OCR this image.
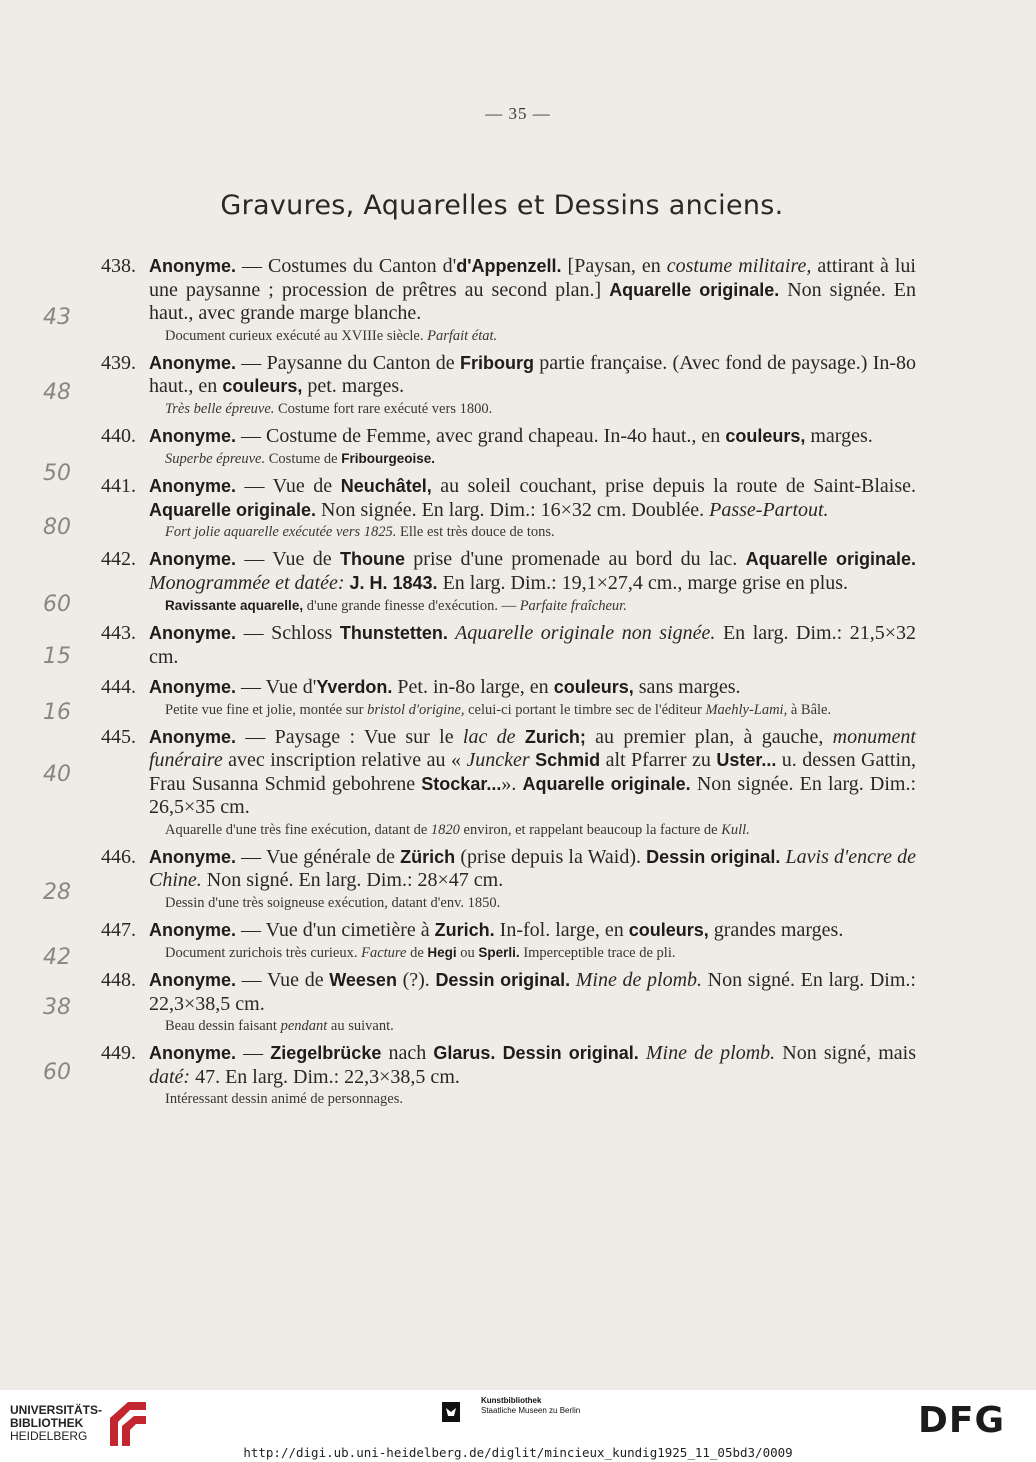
— 35 —
Gravures, Aquarelles et Dessins anciens.
43
438. Anonyme. — Costumes du Canton d'd'Appenzell. [Paysan, en costume militaire, attirant à lui une paysanne ; procession de prêtres au second plan.] Aquarelle originale. Non signée. En haut., avec grande marge blanche.
Document curieux exécuté au XVIIIe siècle. Parfait état.
48
439. Anonyme. — Paysanne du Canton de Fribourg partie française. (Avec fond de paysage.) In-8o haut., en couleurs, pet. marges.
Très belle épreuve. Costume fort rare exécuté vers 1800.
50
440. Anonyme. — Costume de Femme, avec grand chapeau. In-4o haut., en couleurs, marges.
Superbe épreuve. Costume de Fribourgeoise.
80
441. Anonyme. — Vue de Neuchâtel, au soleil couchant, prise depuis la route de Saint-Blaise. Aquarelle originale. Non signée. En larg. Dim.: 16×32 cm. Doublée. Passe-Partout.
Fort jolie aquarelle exécutée vers 1825. Elle est très douce de tons.
60
442. Anonyme. — Vue de Thoune prise d'une promenade au bord du lac. Aquarelle originale. Monogrammée et datée: J. H. 1843. En larg. Dim.: 19,1×27,4 cm., marge grise en plus.
Ravissante aquarelle, d'une grande finesse d'exécution. — Parfaite fraîcheur.
15
443. Anonyme. — Schloss Thunstetten. Aquarelle originale non signée. En larg. Dim.: 21,5×32 cm.
16
444. Anonyme. — Vue d'Yverdon. Pet. in-8o large, en couleurs, sans marges.
Petite vue fine et jolie, montée sur bristol d'origine, celui-ci portant le timbre sec de l'éditeur Maehly-Lami, à Bâle.
40
445. Anonyme. — Paysage : Vue sur le lac de Zurich; au premier plan, à gauche, monument funéraire avec inscription relative au « Juncker Schmid alt Pfarrer zu Uster... u. dessen Gattin, Frau Susanna Schmid gebohrene Stockar...». Aquarelle originale. Non signée. En larg. Dim.: 26,5×35 cm.
Aquarelle d'une très fine exécution, datant de 1820 environ, et rappelant beaucoup la facture de Kull.
28
446. Anonyme. — Vue générale de Zürich (prise depuis la Waid). Dessin original. Lavis d'encre de Chine. Non signé. En larg. Dim.: 28×47 cm.
Dessin d'une très soigneuse exécution, datant d'env. 1850.
42
447. Anonyme. — Vue d'un cimetière à Zurich. In-fol. large, en couleurs, grandes marges.
Document zurichois très curieux. Facture de Hegi ou Sperli. Imperceptible trace de pli.
38
448. Anonyme. — Vue de Weesen (?). Dessin original. Mine de plomb. Non signé. En larg. Dim.: 22,3×38,5 cm.
Beau dessin faisant pendant au suivant.
60
449. Anonyme. — Ziegelbrücke nach Glarus. Dessin original. Mine de plomb. Non signé, mais daté: 47. En larg. Dim.: 22,3×38,5 cm.
Intéressant dessin animé de personnages.
UNIVERSITÄTS-
BIBLIOTHEK
HEIDELBERG
Kunstbibliothek
Staatliche Museen zu Berlin	DFG
http://digi.ub.uni-heidelberg.de/diglit/mincieux_kundig1925_11_05bd3/0009
